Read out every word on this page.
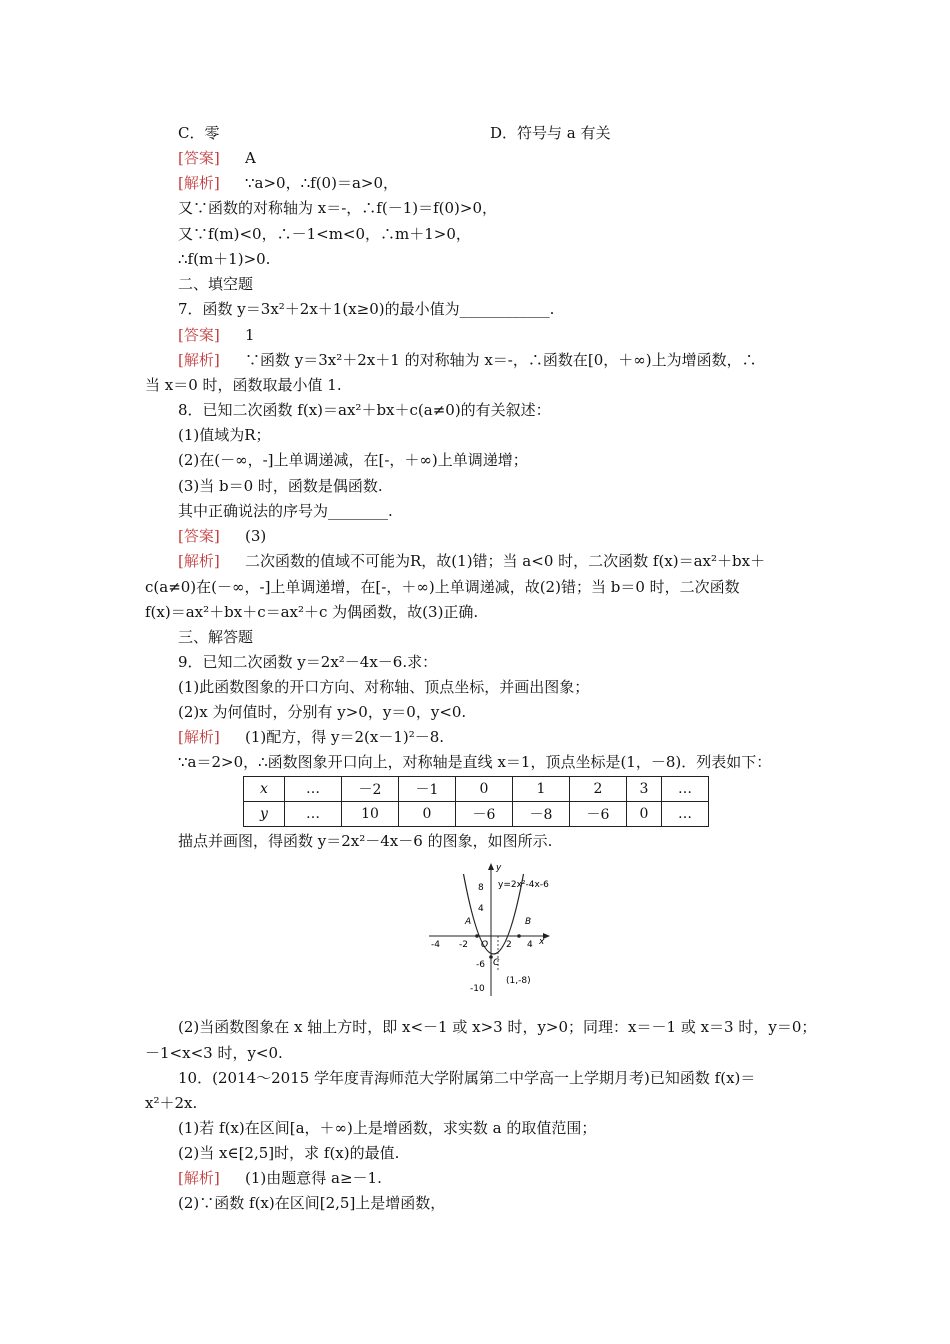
C．零	D．符号与 a 有关
[答案] A
[解析] ∵a>0，∴f(0)＝a>0，
又∵函数的对称轴为 x＝-，∴f(－1)＝f(0)>0，
又∵f(m)<0，∴－1<m<0，∴m＋1>0，
∴f(m＋1)>0.
二、填空题
7．函数 y＝3x²＋2x＋1(x≥0)的最小值为____________.
[答案] 1
[解析] ∵函数 y＝3x²＋2x＋1 的对称轴为 x＝-，∴函数在[0，＋∞)上为增函数，∴
当 x＝0 时，函数取最小值 1.
8．已知二次函数 f(x)＝ax²＋bx＋c(a≠0)的有关叙述：
(1)值域为R；
(2)在(－∞，-]上单调递减，在[-，＋∞)上单调递增；
(3)当 b＝0 时，函数是偶函数.
其中正确说法的序号为________.
[答案] (3)
[解析] 二次函数的值域不可能为R，故(1)错；当 a<0 时，二次函数 f(x)＝ax²＋bx＋
c(a≠0)在(－∞，-]上单调递增，在[-，＋∞)上单调递减，故(2)错；当 b＝0 时，二次函数
f(x)＝ax²＋bx＋c＝ax²＋c 为偶函数，故(3)正确.
三、解答题
9．已知二次函数 y＝2x²－4x－6.求：
(1)此函数图象的开口方向、对称轴、顶点坐标，并画出图象；
(2)x 为何值时，分别有 y>0，y＝0，y<0.
[解析] (1)配方，得 y＝2(x－1)²－8.
∵a＝2>0，∴函数图象开口向上，对称轴是直线 x＝1，顶点坐标是(1，－8)．列表如下：
x	…	－2	－1	0	1	2	3	…
y	…	10	0	－6	－8	－6	0	…
描点并画图，得函数 y＝2x²－4x－6 的图象，如图所示.
y
y=2x²-4x-6
8
4
A	B
-4 -2 O 2 4 x
-6 C
-10
(1,-8)
(2)当函数图象在 x 轴上方时，即 x<－1 或 x>3 时，y>0；同理：x＝－1 或 x＝3 时，y＝0；
－1<x<3 时，y<0.
10．(2014～2015 学年度青海师范大学附属第二中学高一上学期月考)已知函数 f(x)＝
x²＋2x.
(1)若 f(x)在区间[a，＋∞)上是增函数，求实数 a 的取值范围；
(2)当 x∈[2,5]时，求 f(x)的最值.
[解析] (1)由题意得 a≥－1.
(2)∵函数 f(x)在区间[2,5]上是增函数，
